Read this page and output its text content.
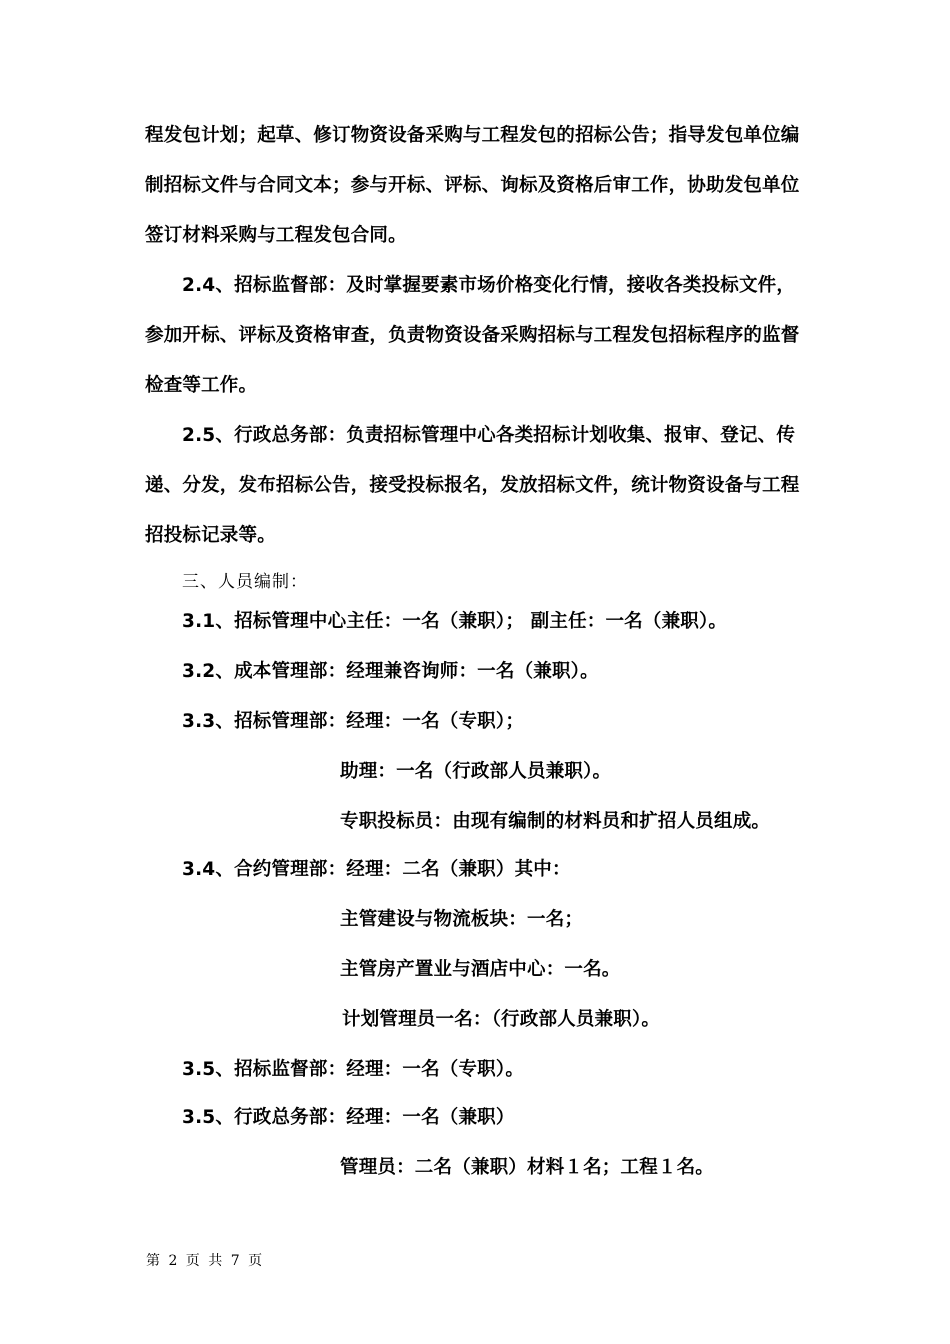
程发包计划；起草、修订物资设备采购与工程发包的招标公告；指导发包单位编
制招标文件与合同文本；参与开标、评标、询标及资格后审工作，协助发包单位
签订材料采购与工程发包合同。
2.4、招标监督部：及时掌握要素市场价格变化行情，接收各类投标文件，
参加开标、评标及资格审查，负责物资设备采购招标与工程发包招标程序的监督
检查等工作。
2.5、行政总务部：负责招标管理中心各类招标计划收集、报审、登记、传
递、分发，发布招标公告，接受投标报名，发放招标文件，统计物资设备与工程
招投标记录等。
三、人员编制：
3.1、招标管理中心主任：一名（兼职）； 副主任：一名（兼职）。
3.2、成本管理部：经理兼咨询师：一名（兼职）。
3.3、招标管理部：经理：一名（专职）；
助理：一名（行政部人员兼职）。
专职投标员：由现有编制的材料员和扩招人员组成。
3.4、合约管理部：经理：二名（兼职）其中：
主管建设与物流板块：一名；
主管房产置业与酒店中心：一名。
计划管理员一名：（行政部人员兼职）。
3.5、招标监督部：经理：一名（专职）。
3.5、行政总务部：经理：一名（兼职）
管理员：二名（兼职）材料１名；工程１名。
第 2 页 共 7 页
